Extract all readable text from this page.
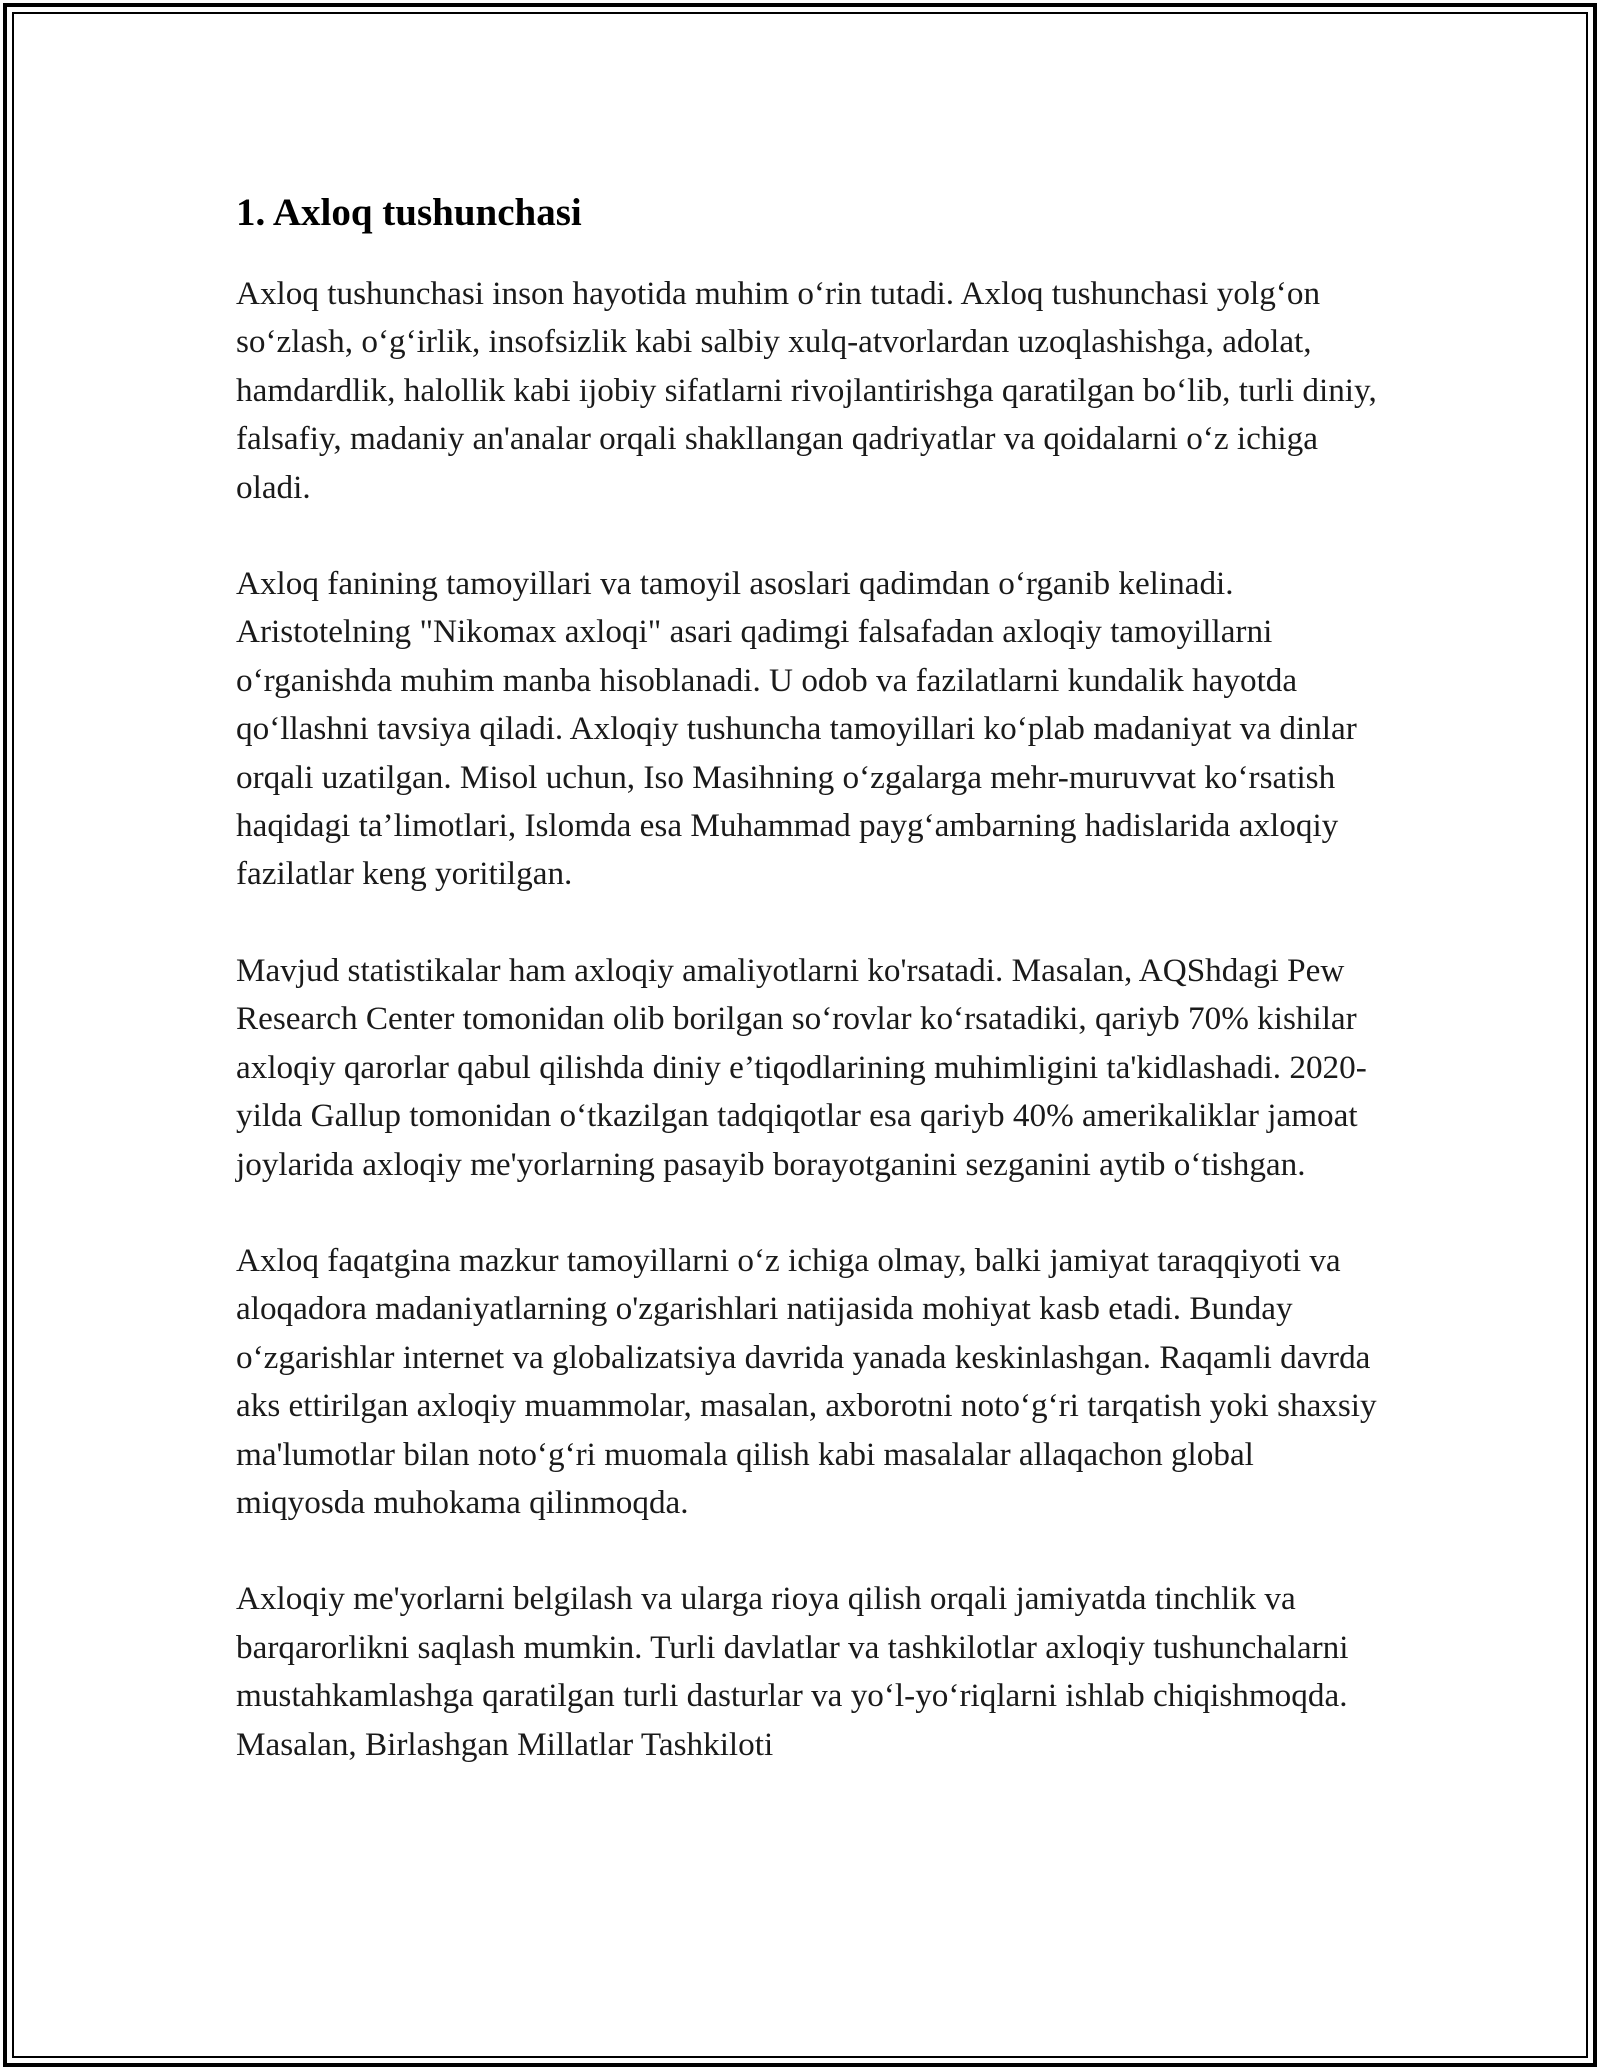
1. Axloq tushunchasi

Axloq tushunchasi inson hayotida muhim oʻrin tutadi. Axloq tushunchasi yolgʻon soʻzlash, oʻgʻirlik, insofsizlik kabi salbiy xulq-atvorlardan uzoqlashishga, adolat, hamdardlik, halollik kabi ijobiy sifatlarni rivojlantirishga qaratilgan boʻlib, turli diniy, falsafiy, madaniy an'analar orqali shakllangan qadriyatlar va qoidalarni oʻz ichiga oladi.

Axloq fanining tamoyillari va tamoyil asoslari qadimdan oʻrganib kelinadi. Aristotelning "Nikomax axloqi" asari qadimgi falsafadan axloqiy tamoyillarni oʻrganishda muhim manba hisoblanadi. U odob va fazilatlarni kundalik hayotda qoʻllashni tavsiya qiladi. Axloqiy tushuncha tamoyillari koʻplab madaniyat va dinlar orqali uzatilgan. Misol uchun, Iso Masihning oʻzgalarga mehr-muruvvat koʻrsatish haqidagi ta’limotlari, Islomda esa Muhammad paygʻambarning hadislarida axloqiy fazilatlar keng yoritilgan.

Mavjud statistikalar ham axloqiy amaliyotlarni ko'rsatadi. Masalan, AQShdagi Pew Research Center tomonidan olib borilgan soʻrovlar koʻrsatadiki, qariyb 70% kishilar axloqiy qarorlar qabul qilishda diniy e’tiqodlarining muhimligini ta'kidlashadi. 2020-yilda Gallup tomonidan oʻtkazilgan tadqiqotlar esa qariyb 40% amerikaliklar jamoat joylarida axloqiy me'yorlarning pasayib borayotganini sezganini aytib oʻtishgan.

Axloq faqatgina mazkur tamoyillarni oʻz ichiga olmay, balki jamiyat taraqqiyoti va aloqadora madaniyatlarning o'zgarishlari natijasida mohiyat kasb etadi. Bunday oʻzgarishlar internet va globalizatsiya davrida yanada keskinlashgan. Raqamli davrda aks ettirilgan axloqiy muammolar, masalan, axborotni notoʻgʻri tarqatish yoki shaxsiy ma'lumotlar bilan notoʻgʻri muomala qilish kabi masalalar allaqachon global miqyosda muhokama qilinmoqda.

Axloqiy me'yorlarni belgilash va ularga rioya qilish orqali jamiyatda tinchlik va barqarorlikni saqlash mumkin. Turli davlatlar va tashkilotlar axloqiy tushunchalarni mustahkamlashga qaratilgan turli dasturlar va yoʻl-yoʻriqlarni ishlab chiqishmoqda. Masalan, Birlashgan Millatlar Tashkiloti
